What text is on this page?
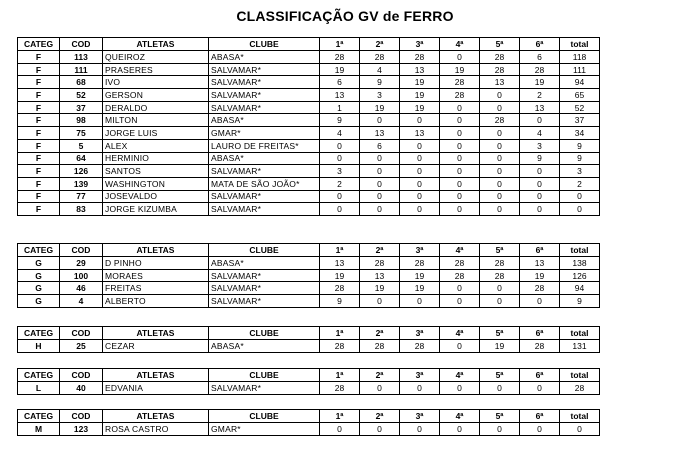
CLASSIFICAÇÃO GV de FERRO
CATEG	COD	ATLETAS	CLUBE	1ª	2ª	3ª	4ª	5ª	6ª	total
F	113	QUEIROZ	ABASA*	28	28	28	0	28	6	118
F	111	PRASERES	SALVAMAR*	19	4	13	19	28	28	111
F	68	IVO	SALVAMAR*	6	9	19	28	13	19	94
F	52	GERSON	SALVAMAR*	13	3	19	28	0	2	65
F	37	DERALDO	SALVAMAR*	1	19	19	0	0	13	52
F	98	MILTON	ABASA*	9	0	0	0	28	0	37
F	75	JORGE LUIS	GMAR*	4	13	13	0	0	4	34
F	5	ALEX	LAURO DE FREITAS*	0	6	0	0	0	3	9
F	64	HERMINIO	ABASA*	0	0	0	0	0	9	9
F	126	SANTOS	SALVAMAR*	3	0	0	0	0	0	3
F	139	WASHINGTON	MATA DE SÃO JOÃO*	2	0	0	0	0	0	2
F	77	JOSEVALDO	SALVAMAR*	0	0	0	0	0	0	0
F	83	JORGE KIZUMBA	SALVAMAR*	0	0	0	0	0	0	0
CATEG	COD	ATLETAS	CLUBE	1ª	2ª	3ª	4ª	5ª	6ª	total
G	29	D PINHO	ABASA*	13	28	28	28	28	13	138
G	100	MORAES	SALVAMAR*	19	13	19	28	28	19	126
G	46	FREITAS	SALVAMAR*	28	19	19	0	0	28	94
G	4	ALBERTO	SALVAMAR*	9	0	0	0	0	0	9
CATEG	COD	ATLETAS	CLUBE	1ª	2ª	3ª	4ª	5ª	6ª	total
H	25	CEZAR	ABASA*	28	28	28	0	19	28	131
CATEG	COD	ATLETAS	CLUBE	1ª	2ª	3ª	4ª	5ª	6ª	total
L	40	EDVANIA	SALVAMAR*	28	0	0	0	0	0	28
CATEG	COD	ATLETAS	CLUBE	1ª	2ª	3ª	4ª	5ª	6ª	total
M	123	ROSA CASTRO	GMAR*	0	0	0	0	0	0	0
